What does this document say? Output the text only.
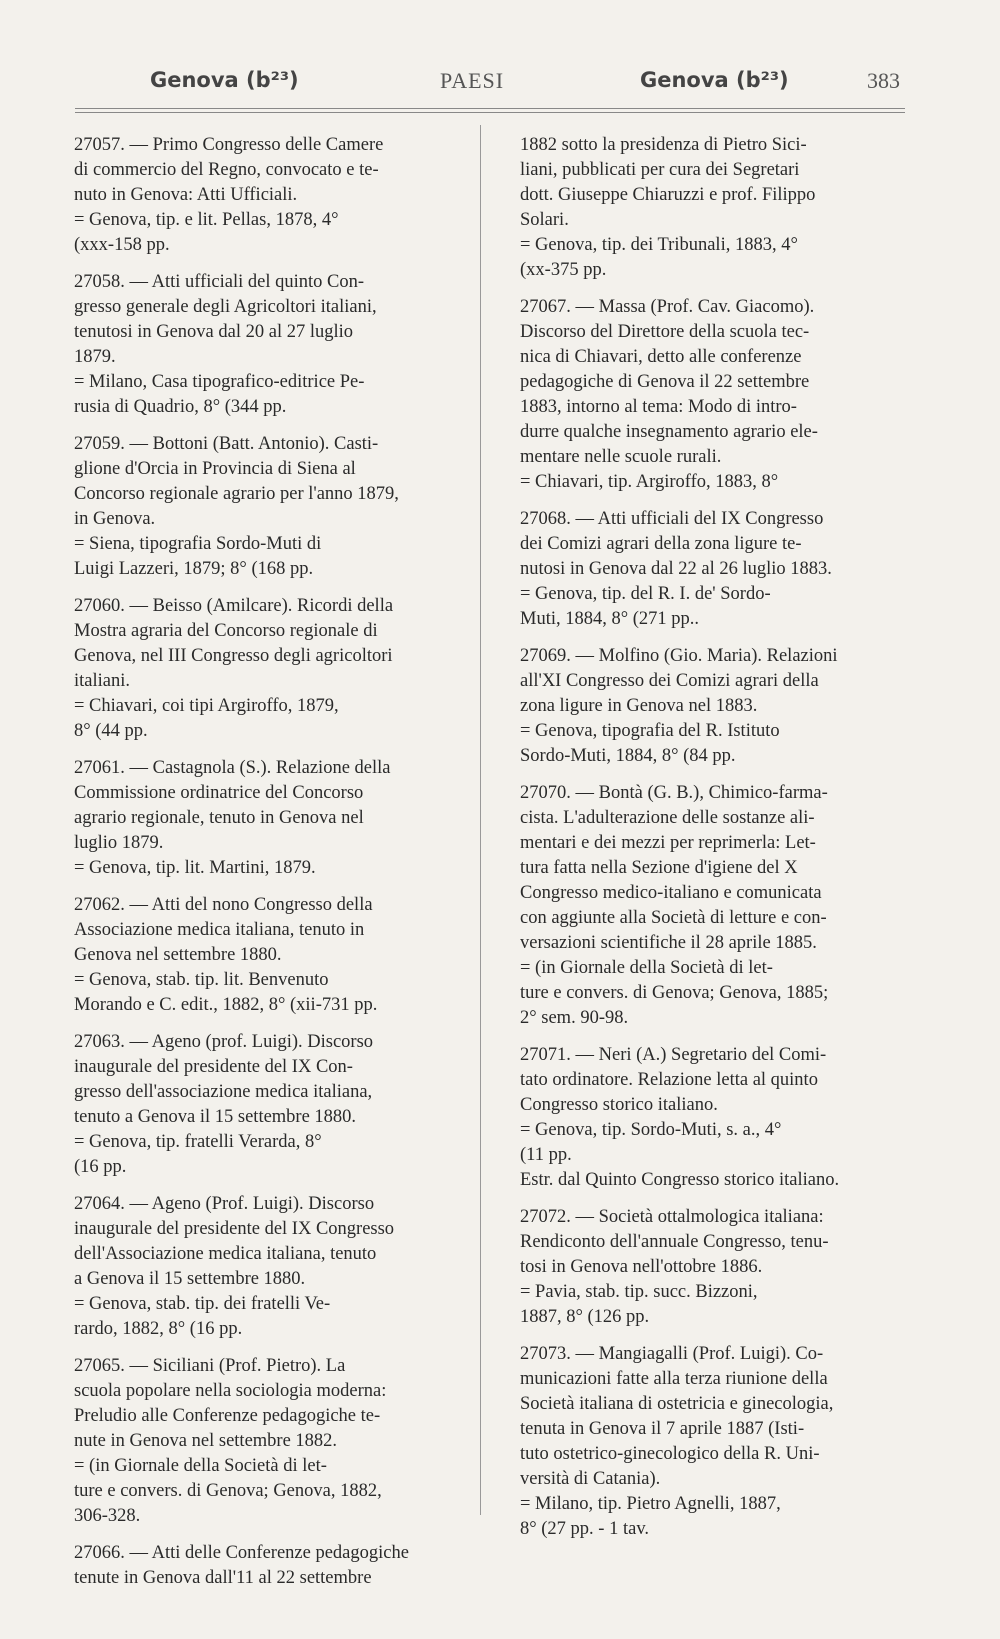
Genova (b²³)	PAESI	Genova (b²³)	383
27057. — Primo Congresso delle Camere
di commercio del Regno, convocato e te-
nuto in Genova: Atti Ufficiali.
= Genova, tip. e lit. Pellas, 1878, 4°
(xxx-158 pp.
27058. — Atti ufficiali del quinto Con-
gresso generale degli Agricoltori italiani,
tenutosi in Genova dal 20 al 27 luglio
1879.
= Milano, Casa tipografico-editrice Pe-
rusia di Quadrio, 8° (344 pp.
27059. — Bottoni (Batt. Antonio). Casti-
glione d'Orcia in Provincia di Siena al
Concorso regionale agrario per l'anno 1879,
in Genova.
= Siena, tipografia Sordo-Muti di
Luigi Lazzeri, 1879; 8° (168 pp.
27060. — Beisso (Amilcare). Ricordi della
Mostra agraria del Concorso regionale di
Genova, nel III Congresso degli agricoltori
italiani.
= Chiavari, coi tipi Argiroffo, 1879,
8° (44 pp.
27061. — Castagnola (S.). Relazione della
Commissione ordinatrice del Concorso
agrario regionale, tenuto in Genova nel
luglio 1879.
= Genova, tip. lit. Martini, 1879.
27062. — Atti del nono Congresso della
Associazione medica italiana, tenuto in
Genova nel settembre 1880.
= Genova, stab. tip. lit. Benvenuto
Morando e C. edit., 1882, 8° (xii-731 pp.
27063. — Ageno (prof. Luigi). Discorso
inaugurale del presidente del IX Con-
gresso dell'associazione medica italiana,
tenuto a Genova il 15 settembre 1880.
= Genova, tip. fratelli Verarda, 8°
(16 pp.
27064. — Ageno (Prof. Luigi). Discorso
inaugurale del presidente del IX Congresso
dell'Associazione medica italiana, tenuto
a Genova il 15 settembre 1880.
= Genova, stab. tip. dei fratelli Ve-
rardo, 1882, 8° (16 pp.
27065. — Siciliani (Prof. Pietro). La
scuola popolare nella sociologia moderna:
Preludio alle Conferenze pedagogiche te-
nute in Genova nel settembre 1882.
= (in Giornale della Società di let-
ture e convers. di Genova; Genova, 1882,
306-328.
27066. — Atti delle Conferenze pedagogiche
tenute in Genova dall'11 al 22 settembre
1882 sotto la presidenza di Pietro Sici-
liani, pubblicati per cura dei Segretari
dott. Giuseppe Chiaruzzi e prof. Filippo
Solari.
= Genova, tip. dei Tribunali, 1883, 4°
(xx-375 pp.
27067. — Massa (Prof. Cav. Giacomo).
Discorso del Direttore della scuola tec-
nica di Chiavari, detto alle conferenze
pedagogiche di Genova il 22 settembre
1883, intorno al tema: Modo di intro-
durre qualche insegnamento agrario ele-
mentare nelle scuole rurali.
= Chiavari, tip. Argiroffo, 1883, 8°
27068. — Atti ufficiali del IX Congresso
dei Comizi agrari della zona ligure te-
nutosi in Genova dal 22 al 26 luglio 1883.
= Genova, tip. del R. I. de' Sordo-
Muti, 1884, 8° (271 pp..
27069. — Molfino (Gio. Maria). Relazioni
all'XI Congresso dei Comizi agrari della
zona ligure in Genova nel 1883.
= Genova, tipografia del R. Istituto
Sordo-Muti, 1884, 8° (84 pp.
27070. — Bontà (G. B.), Chimico-farma-
cista. L'adulterazione delle sostanze ali-
mentari e dei mezzi per reprimerla: Let-
tura fatta nella Sezione d'igiene del X
Congresso medico-italiano e comunicata
con aggiunte alla Società di letture e con-
versazioni scientifiche il 28 aprile 1885.
= (in Giornale della Società di let-
ture e convers. di Genova; Genova, 1885;
2° sem. 90-98.
27071. — Neri (A.) Segretario del Comi-
tato ordinatore. Relazione letta al quinto
Congresso storico italiano.
= Genova, tip. Sordo-Muti, s. a., 4°
(11 pp.
Estr. dal Quinto Congresso storico italiano.
27072. — Società ottalmologica italiana:
Rendiconto dell'annuale Congresso, tenu-
tosi in Genova nell'ottobre 1886.
= Pavia, stab. tip. succ. Bizzoni,
1887, 8° (126 pp.
27073. — Mangiagalli (Prof. Luigi). Co-
municazioni fatte alla terza riunione della
Società italiana di ostetricia e ginecologia,
tenuta in Genova il 7 aprile 1887 (Isti-
tuto ostetrico-ginecologico della R. Uni-
versità di Catania).
= Milano, tip. Pietro Agnelli, 1887,
8° (27 pp. - 1 tav.
